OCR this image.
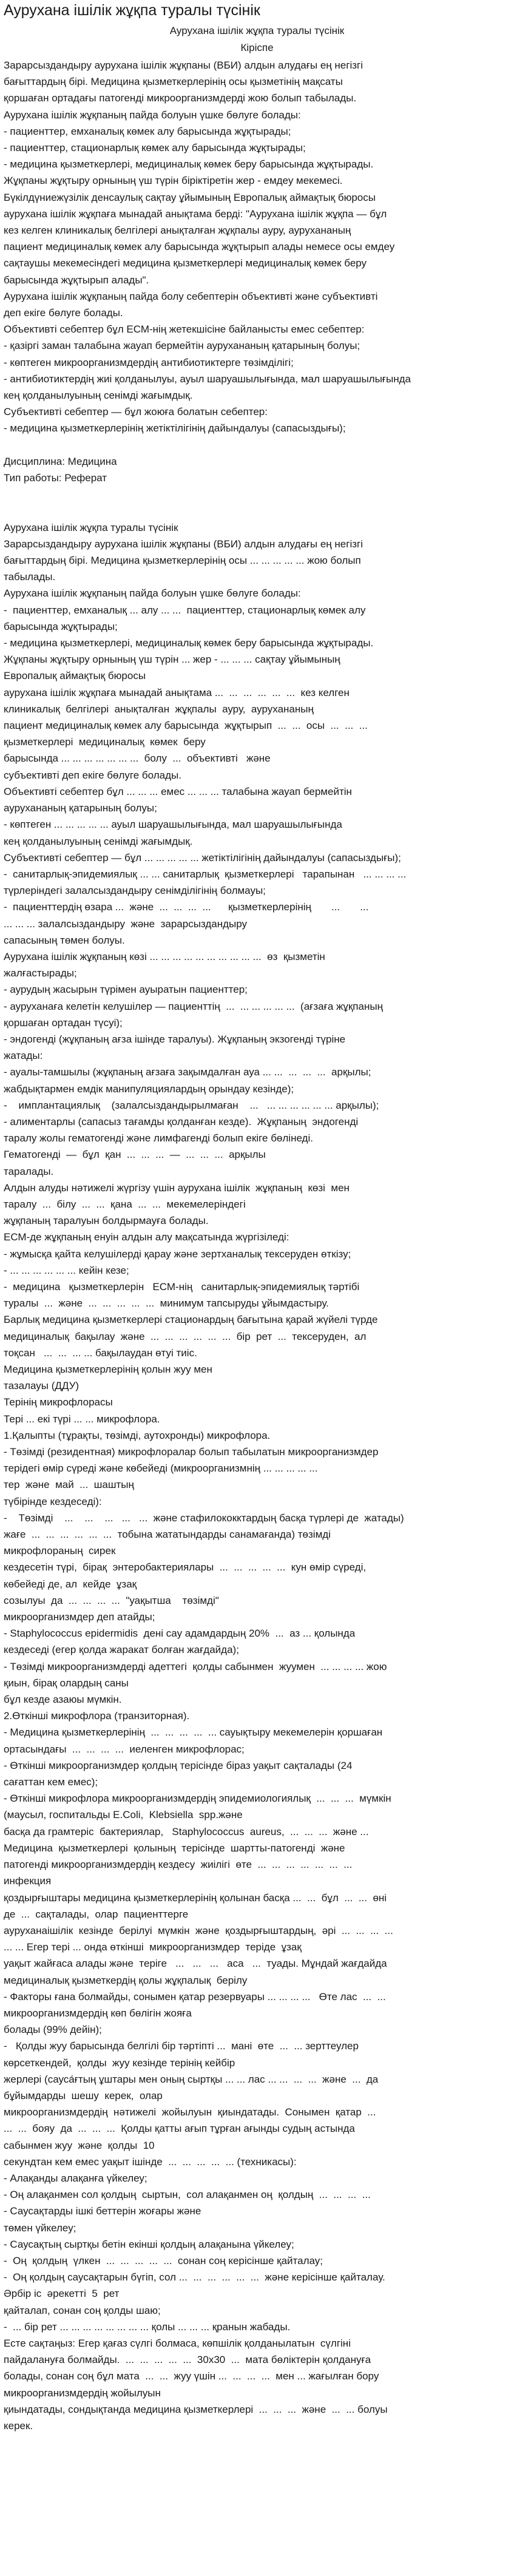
Аурухана ішілік жұқпа туралы түсінік
Аурухана ішілік жұқпа туралы түсінік
Кіріспе

Зарарсыздандыру аурухана ішілік жұқпаны (ВБИ) алдын алудағы ең негізгі

бағыттардың бірі. Медицина қызметкерлерінің осы қызметінің мақсаты

қоршаған ортадағы патогенді микроорганизмдерді жою болып табылады.

Аурухана ішілік жұқпаның пайда болуын үшке бөлуге болады:

- пациенттер, емханалық көмек алу барысында жұқтырады;

- пациенттер, стационарлық көмек алу барысында жұқтырады;

- медицина қызметкерлері, медициналық көмек беру барысында жұқтырады.

Жұқпаны жұқтыру орнының үш түрін біріктіретін жер - емдеу мекемесі.

Бүкілдүниежүзілік денсаулық сақтау ұйымының Европалық аймақтық бюросы

аурухана ішілік жұқпаға мынадай анықтама берді: "Аурухана ішілік жұқпа — бұл

кез келген клиникалық белгілері анықталған жұқпалы ауру, аурухананың

пациент медициналық көмек алу барысында жұқтырып алады немесе осы емдеу

сақтаушы мекемесіндегі медицина қызметкерлері медициналық көмек беру

барысында жұқтырып алады".

Аурухана ішілік жұқпаның пайда болу себептерін объективті және субъективті

деп екіге бөлуге болады.

Объективті себептер бұл ЕСМ-нің жетекшісіне байланысты емес себептер:

- қазіргі заман талабына жауап бермейтін аурухананың қатарының болуы;

- көптеген микроорганизмдердің антибиотиктерге төзімділігі;

- антибиотиктердің жиі қолданылуы, ауыл шаруашылығында, мал шаруашылығында

кең қолданылуының сенімді жағымдық.

Субъективті себептер — бұл жоюға болатын себептер:

- медицина қызметкерлерінің жетіктілігінің дайындалуы (сапасыздығы);

Дисциплина: Медицина

Тип работы: Реферат

Аурухана ішілік жұқпа туралы түсінік

Зарарсыздандыру аурухана ішілік жұқпаны (ВБИ) алдын алудағы ең негізгі

бағыттардың бірі. Медицина қызметкерлерінің осы ... ... ... ... ... жою болып

табылады.

Аурухана ішілік жұқпаның пайда болуын үшке бөлуге болады:

-  пациенттер, емханалық ... алу ... ...  пациенттер, стационарлық көмек алу

барысында жұқтырады;

- медицина қызметкерлері, медициналық көмек беру барысында жұқтырады.

Жұқпаны жұқтыру орнының үш түрін ... жер - ... ... ... сақтау ұйымының

Европалық аймақтық бюросы

аурухана ішілік жұқпаға мынадай анықтама ...  ...  ...  ...  ...  ...  кез келген

клиникалық  белгілері  анықталған  жұқпалы  ауру,  аурухананың

пациент медициналық көмек алу барысында  жұқтырып  ...  ...  осы  ...  ...  ...

қызметкерлері  медициналық  көмек  беру

барысында ... ... ... ... ... ... ...  болу  ...  объективті   және

субъективті деп екіге бөлуге болады.

Объективті себептер бұл ... ... ... емес ... ... ... талабына жауап бермейтін

аурухананың қатарының болуы;

- көптеген ... ... ... ... ... ауыл шаруашылығында, мал шаруашылығында

кең қолданылуының сенімді жағымдық.

Субъективті себептер — бұл ... ... ... ... ... жетіктілігінің дайындалуы (сапасыздығы);

-  санитарлық-эпидемиялық ... ... санитарлық  қызметкерлері   тарапынан   ... ... ... ...

түрлеріндегі залалсыздандыру сенімділігінің болмауы;

-  пациенттердің өзара ...  және  ...  ...  ...  ...      қызметкерлерінің       ...       ...

... ... ... залалсыздандыру  және  зарарсыздандыру

сапасының төмен болуы.

Аурухана ішілік жұқпаның көзі ... ... ... ... ... ... ... ... ... ...  өз  қызметін

жалғастырады;

- аурудың жасырын түрімен ауыратын пациенттер;

- ауруханаға келетін келушілер — пациенттің  ...  ... ... ... ... ...  (ағзаға жұқпаның

қоршаған ортадан түсуі);

- эндогенді (жұқпаның ағза ішінде таралуы). Жұқпаның экзогенді түріне

жатады:

- ауалы-тамшылы (жұқпаның ағзаға зақымдалған ауа ... ...  ...  ...  ...  арқылы;

жабдықтармен емдік манипуляциялардың орындау кезінде);

-    имплантациялық    (залалсыздандырылмаған    ...   ... ... ... ... ... ... арқылы);

- алиментарлы (сапасыз тағамды қолданған кезде).  Жұқпаның  эндогенді

таралу жолы гематогенді және лимфагенді болып екіге бөлінеді.

Гематогенді  —  бұл  қан  ...  ...  ...  —  ...  ...  ...  арқылы

таралады.

Алдын алуды нәтижелі жүргізу үшін аурухана ішілік  жұқпаның  көзі  мен

таралу  ...  білу  ...  ...  қана  ...  ...  мекемелеріндегі

жұқпаның таралуын болдырмауға болады.

ЕСМ-де жұқпаның енуін алдын алу мақсатында жүргізіледі:

- жұмысқа қайта келушілерді қарау және зертханалық тексеруден өткізу;

- ... ... ... ... ... ... кейін кезе;

-  медицина   қызметкерлерін   ЕСМ-нің   санитарлық-эпидемиялық тәртібі

туралы  ...  және  ...  ...  ...  ...  ...  минимум тапсыруды ұйымдастыру.

Барлық медицина қызметкерлері стационардың бағытына қарай жүйелі түрде

медициналық  бақылау  және  ...  ...  ...  ...  ...  ...  бір  рет  ...  тексеруден,  ал

тоқсан   ...  ...  ... ... бақылаудан өтуі тиіс.

Медицина қызметкерлерінің қолын жуу мен

тазалауы (ДДУ)

Терінің микрофлорасы

Тері ... екі түрі ... ... микрофлора.

1.Қалыпты (тұрақты, төзімді, аутохронды) микрофлора.

- Төзімді (резидентная) микрофлоралар болып табылатын микроорганизмдер

терідегі өмір сүреді және көбейеді (микроорганизмнің ... ... ... ... ...

тер  және  май  ...  шаштың

түбірінде кездеседі):

-    Төзімді    ...    ...    ...   ...   ...  және стафилококктардың басқа түрлері де  жатады)

жағе  ...  ...  ...  ...  ...  ...  тобына жататындарды санамағанда) төзімді

микрофлораның  сирек

кездесетін түрі,  бірақ  энтеробактериялары  ...  ...  ...  ...  ...  кун өмір сүреді,

көбейеді де, ал  кейде  ұзақ

созылуы  да  ...  ...  ...  ...  "уақытша    төзімді"

микроорганизмдер деп атайды;

- Staphylococcus epidermidis  дені сау адамдардың 20%  ...  аз ... қолында

кездеседі (егер қолда жаракат болған жағдайда);

- Төзімді микроорганизмдерді адеттегі  қолды сабынмен  жуумен  ... ... ... ... жою

қиын, бірақ олардың саны

бұл кезде азаюы мүмкін.

2.Өткінші микрофлора (транзиторная).

- Медицина қызметкерлерінің  ...  ...  ...  ...  ... сауықтыру мекемелерін қоршаған

ортасындағы  ...  ...  ...  ...  иеленген микрофлорас;

- Өткінші микроорганизмдер қолдың терісінде біраз уақыт сақталады (24

сағаттан кем емес);

- Өткінші микрофлора микроорганизмдердің эпидемиологиялық  ...  ...  ...  мүмкін

(маусыл, госпитальды E.Coli,  Klebsiella  spp.және

басқа да грамтеріс  бактериялар,   Staphylococcus  aureus,  ...  ...  ...  және ...

Медицина  қызметкерлері  қолының  терісінде  шартты-патогенді  және

патогенді микроорганизмдердің кездесу  жиілігі  өте  ...  ...  ...  ...  ...  ...  ...

инфекция

қоздырғыштары медицина қызметкерлерінің қолынан басқа ...  ...  бұл  ...  ...  өні

де  ...  сақталады,  олар  пациенттерге

ауруханаішілік  кезінде  берілуі  мүмкін  және  қоздырғыштардың,  әрі  ...  ...  ...  ...

... ... Егер тері ... онда өткінші  микроорганизмдер  теріде  ұзақ

уақыт жайғаса алады және  теріге   ...   ...   ...   аса   ...  туады. Мұндай жағдайда

медициналық қызметкердің қолы жұқпалық  берілу

- Факторы ғана болмайды, сонымен қатар резервуары ... ... ... ...   Өте лас  ...  ...

микроорганизмдердің көп бөлігін жояға

болады (99% дейін);

-   Қолды жуу барысында белгілі бір тәртіпті ...  мані  өте  ...  ... зерттеулер

көрсеткендей,  қолды  жуу кезінде терінің кейбір

жерлері (сауса́ғтың ұштары мен оның сыртқы ... ... лас ... ...  ...  ...  және  ...  да

бұйымдарды  шешу  керек,  олар

микроорганизмдердің  нәтижелі  жойылуын  қиындатады.  Сонымен  қатар  ...

...  ...  бояу  да  ...  ...  ...  Қолды қатты ағып тұрған ағынды судың астында

сабынмен жуу  және  қолды  10

секундтан кем емес уақыт ішінде  ...  ...  ...  ...  ... (техникасы):

- Алақанды алақанға үйкелеу;

- Оң алақанмен сол қолдың  сыртын,  сол алақанмен оң  қолдың  ...  ...  ...  ...

- Саусақтарды ішкі беттерін жоғары және

төмен үйкелеу;

- Саусақтың сыртқы бетін екінші қолдың алақанына үйкелеу;

-  Оң  қолдың  үлкен  ...  ...  ...  ...  ...  сонан соң керісінше қайталау;

-  Оң қолдың саусақтарын бүгіп, сол ...  ...  ...  ...  ...  ...  және керісінше қайталау.

Әрбір іс  әрекетті  5  рет

қайталап, сонан соң қолды шаю;

-  ... бір рет ... ... ... ... ... ... ... ... қолы ... ... ... қранын жабады.

Есте сақтаңыз: Егер қағаз сүлгі болмаса, көпшілік қолданылатын  сүлгіні

пайдалануға болмайды.  ...  ...  ...  ...  ...  30х30  ...  мата бөліктерін қолдануға

болады, сонан соң бұл мата  ...  ...  жуу үшін ...  ...  ...  ...  мен ... жағылған бору

микроорганизмдердің жойылуын

қиындатады, сондықтанда медицина қызметкерлері  ...  ...  ...  және  ...  ... болуы

керек.
